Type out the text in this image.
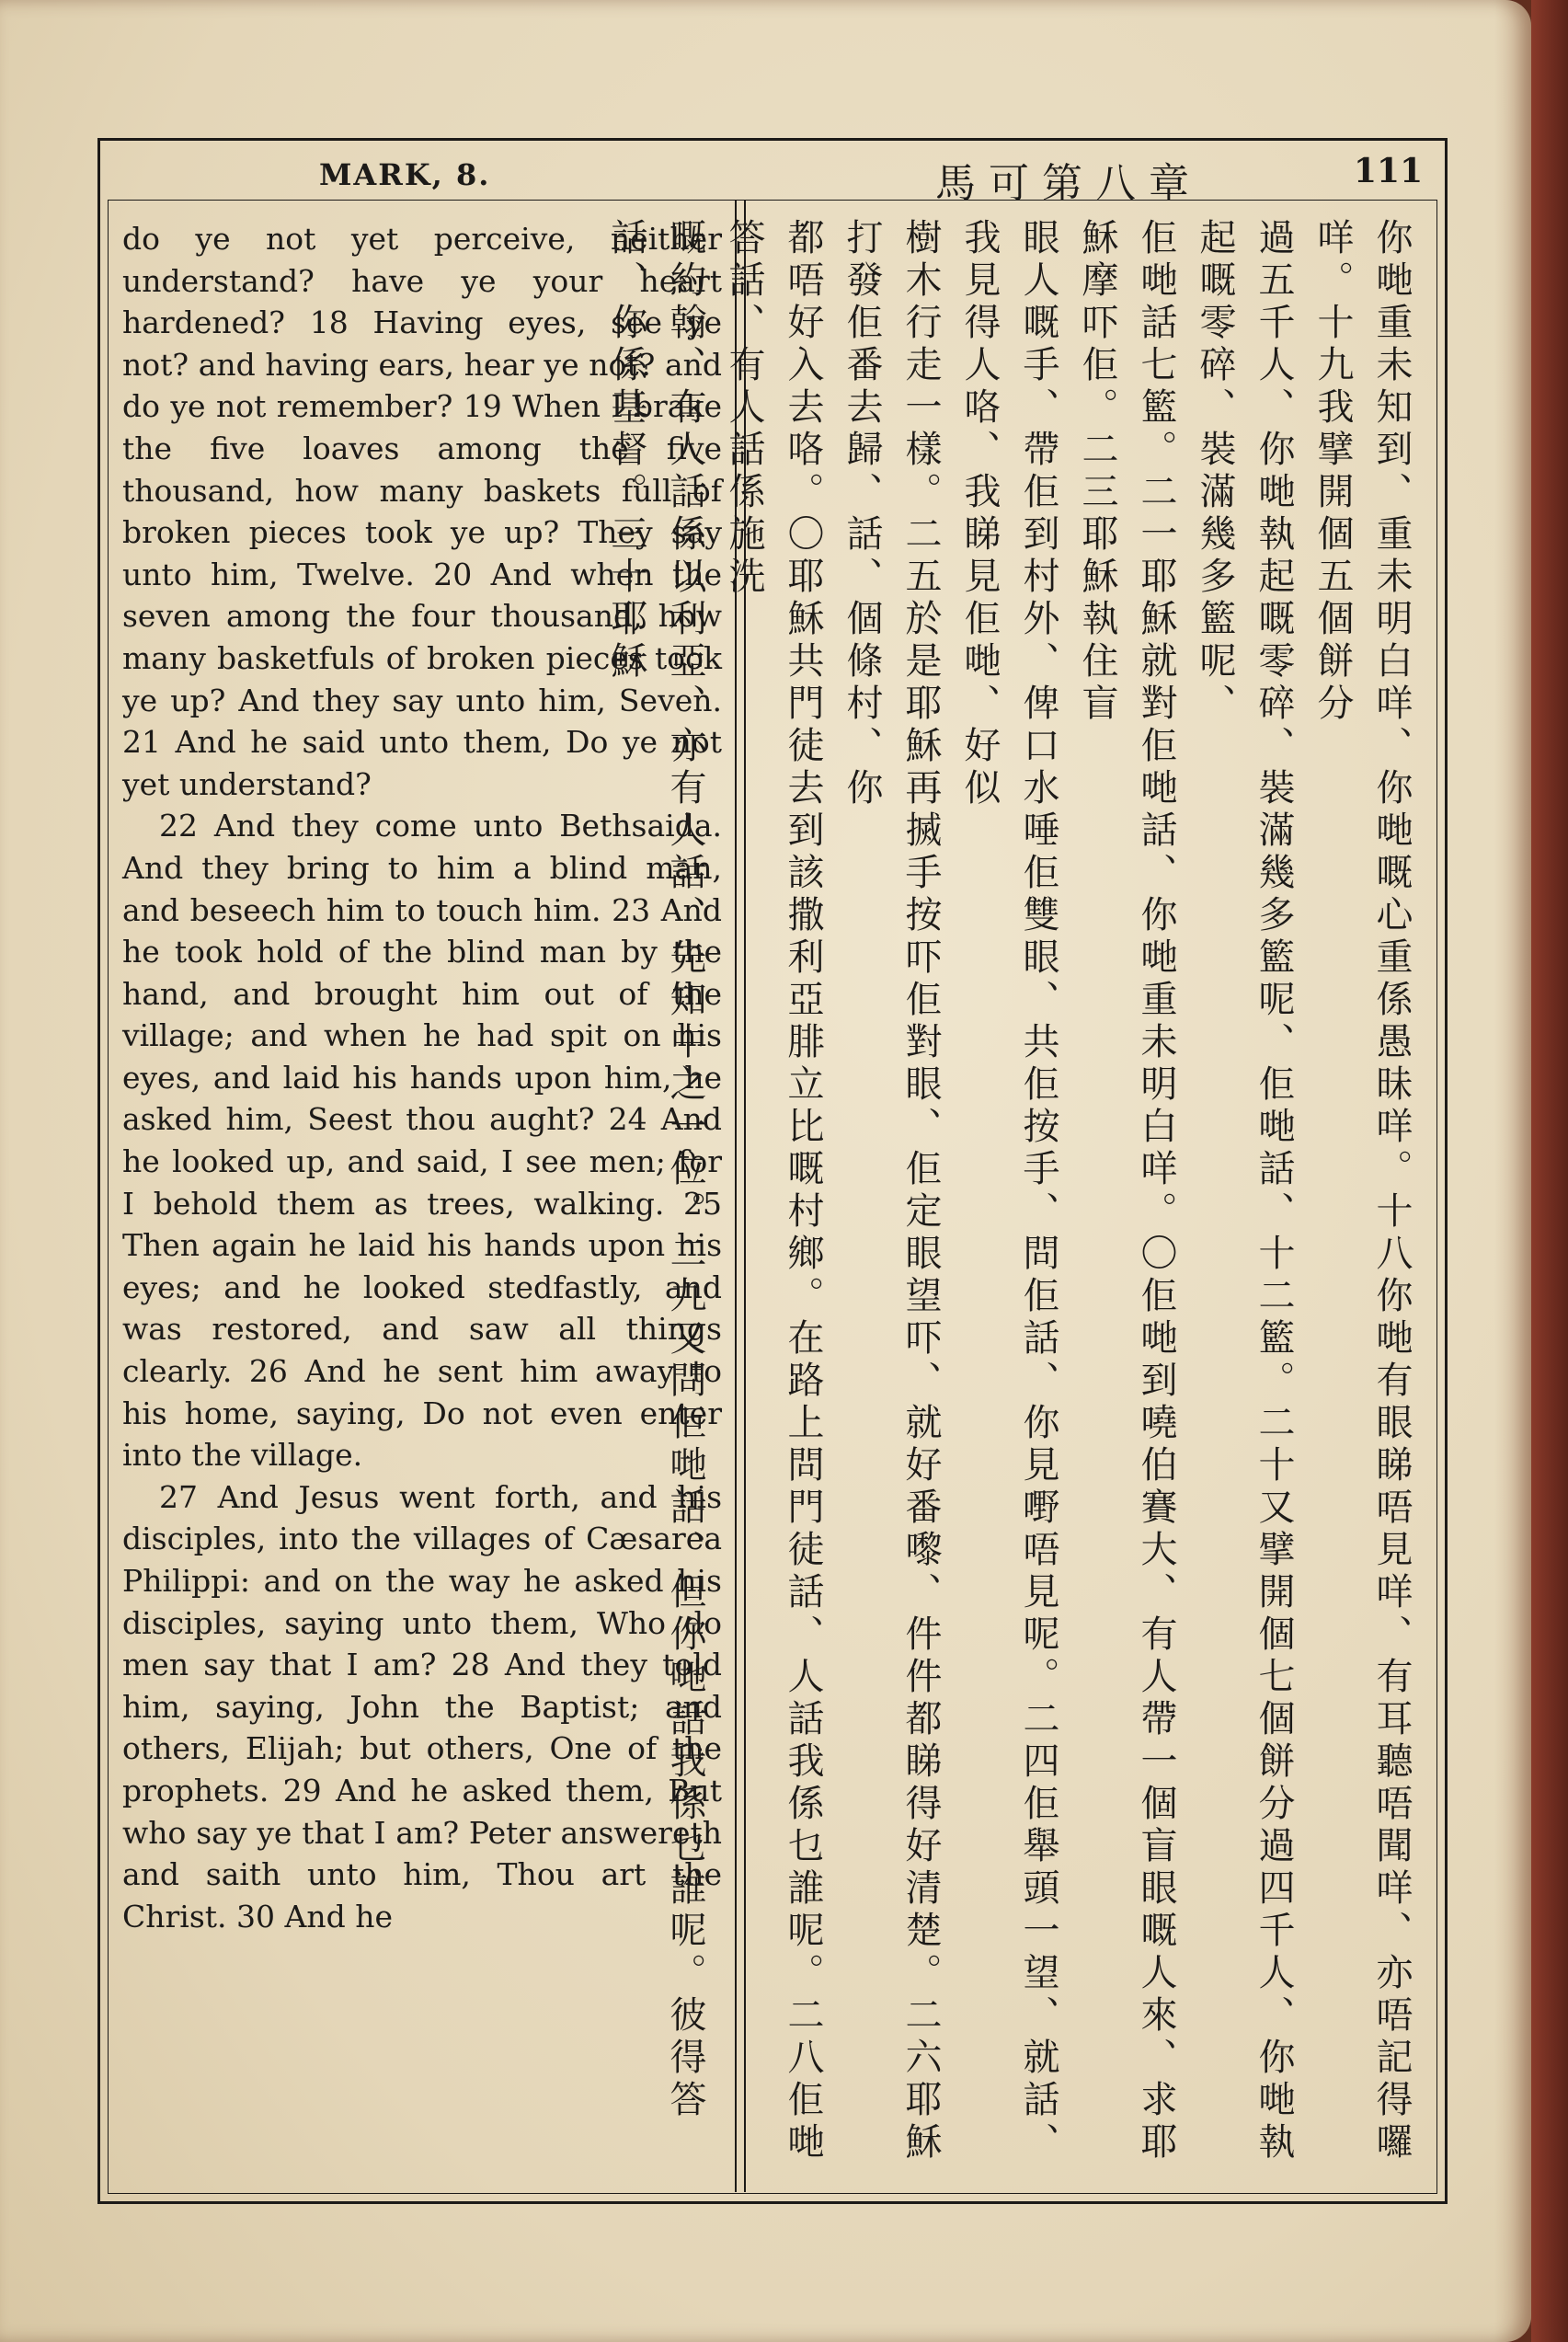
MARK, 8.	馬可第八章	111

do ye not yet perceive, neither understand? have ye your heart hardened? 18 Having eyes, see ye not? and having ears, hear ye not? and do ye not remember? 19 When I brake the five loaves among the five thousand, how many baskets full of broken pieces took ye up? They say unto him, Twelve. 20 And when the seven among the four thousand, how many basketfuls of broken pieces took ye up? And they say unto him, Seven. 21 And he said unto them, Do ye not yet understand?

22 And they come unto Bethsaida. And they bring to him a blind man, and beseech him to touch him. 23 And he took hold of the blind man by the hand, and brought him out of the village; and when he had spit on his eyes, and laid his hands upon him, he asked him, Seest thou aught? 24 And he looked up, and said, I see men; for I behold them as trees, walking. 25 Then again he laid his hands upon his eyes; and he looked stedfastly, and was restored, and saw all things clearly. 26 And he sent him away to his home, saying, Do not even enter into the village.

27 And Jesus went forth, and his disciples, into the villages of Cæsarea Philippi: and on the way he asked his disciples, saying unto them, Who do men say that I am? 28 And they told him, saying, John the Baptist; and others, Elijah; but others, One of the prophets. 29 And he asked them, But who say ye that I am? Peter answereth and saith unto him, Thou art the Christ. 30 And he	你哋重未知到、重未明白咩、你哋嘅心重係愚昧咩。十八你哋有眼睇唔見咩、有耳聽唔聞咩、亦唔記得囉咩。十九我擘開個五個餅分
過五千人、你哋執起嘅零碎、裝滿幾多籃呢、佢哋話、十二籃。二十又擘開個七個餅分過四千人、你哋執起嘅零碎、裝滿幾多籃呢、
佢哋話七籃。二一耶穌就對佢哋話、你哋重未明白咩。〇佢哋到嘵伯賽大、有人帶一個盲眼嘅人來、求耶穌摩吓佢。二三耶穌執住盲
眼人嘅手、帶佢到村外、俾口水唾佢雙眼、共佢按手、問佢話、你見嘢唔見呢。二四佢舉頭一望、就話、我見得人咯、我睇見佢哋、好似
樹木行走一樣。二五於是耶穌再搣手按吓佢對眼、佢定眼望吓、就好番嚟、件件都睇得好清楚。二六耶穌打發佢番去歸、話、個條村、你
都唔好入去咯。〇耶穌共門徒去到該撒利亞腓立比嘅村鄉。在路上問門徒話、人話我係乜誰呢。二八佢哋答話、有人話係施洗
嘅約翰、有人話係以利亞、亦有人話、先知中之一位。二九又問佢哋話、但你哋話我係乜誰呢。彼得答話、你係基督。三十耶穌
